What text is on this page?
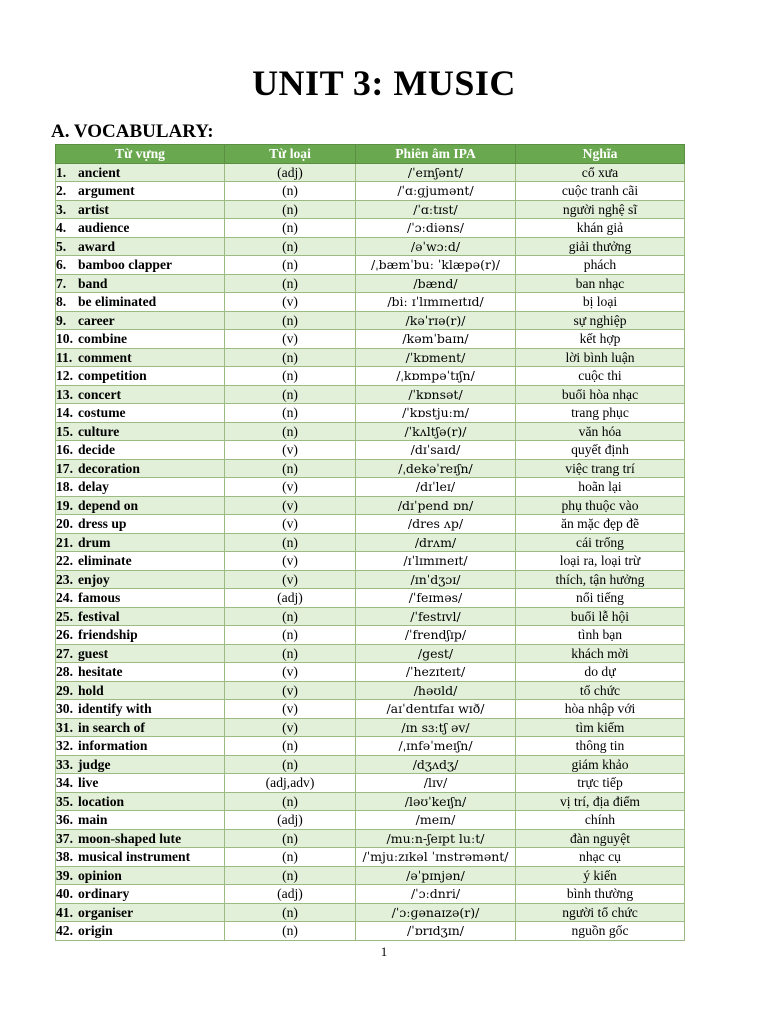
UNIT 3: MUSIC
A. VOCABULARY:
Từ vựng	Từ loại	Phiên âm IPA	Nghĩa
1. ancient	(adj)	/ˈeɪnʃənt/	cổ xưa
2. argument	(n)	/ˈɑːɡjumənt/	cuộc tranh cãi
3. artist	(n)	/ˈɑːtɪst/	người nghệ sĩ
4. audience	(n)	/ˈɔːdiəns/	khán giả
5. award	(n)	/əˈwɔːd/	giải thưởng
6. bamboo clapper	(n)	/ˌbæmˈbuː ˈklæpə(r)/	phách
7. band	(n)	/bænd/	ban nhạc
8. be eliminated	(v)	/biː ɪˈlɪmɪneɪtɪd/	bị loại
9. career	(n)	/kəˈrɪə(r)/	sự nghiệp
10. combine	(v)	/kəmˈbaɪn/	kết hợp
11. comment	(n)	/ˈkɒment/	lời bình luận
12. competition	(n)	/ˌkɒmpəˈtɪʃn/	cuộc thi
13. concert	(n)	/ˈkɒnsət/	buổi hòa nhạc
14. costume	(n)	/ˈkɒstjuːm/	trang phục
15. culture	(n)	/ˈkʌltʃə(r)/	văn hóa
16. decide	(v)	/dɪˈsaɪd/	quyết định
17. decoration	(n)	/ˌdekəˈreɪʃn/	việc trang trí
18. delay	(v)	/dɪˈleɪ/	hoãn lại
19. depend on	(v)	/dɪˈpend ɒn/	phụ thuộc vào
20. dress up	(v)	/dres ʌp/	ăn mặc đẹp đẽ
21. drum	(n)	/drʌm/	cái trống
22. eliminate	(v)	/ɪˈlɪmɪneɪt/	loại ra, loại trừ
23. enjoy	(v)	/ɪnˈdʒɔɪ/	thích, tận hưởng
24. famous	(adj)	/ˈfeɪməs/	nổi tiếng
25. festival	(n)	/ˈfestɪvl/	buổi lễ hội
26. friendship	(n)	/ˈfrendʃɪp/	tình bạn
27. guest	(n)	/gest/	khách mời
28. hesitate	(v)	/ˈhezɪteɪt/	do dự
29. hold	(v)	/həʊld/	tổ chức
30. identify with	(v)	/aɪˈdentɪfaɪ wɪð/	hòa nhập với
31. in search of	(v)	/ɪn sɜːtʃ əv/	tìm kiếm
32. information	(n)	/ˌɪnfəˈmeɪʃn/	thông tin
33. judge	(n)	/dʒʌdʒ/	giám khảo
34. live	(adj,adv)	/lɪv/	trực tiếp
35. location	(n)	/ləʊˈkeɪʃn/	vị trí, địa điểm
36. main	(adj)	/meɪn/	chính
37. moon-shaped lute	(n)	/muːn-ʃeɪpt luːt/	đàn nguyệt
38. musical instrument	(n)	/ˈmjuːzɪkəl ˈɪnstrəmənt/	nhạc cụ
39. opinion	(n)	/əˈpɪnjən/	ý kiến
40. ordinary	(adj)	/ˈɔːdnri/	bình thường
41. organiser	(n)	/ˈɔːɡənaɪzə(r)/	người tổ chức
42. origin	(n)	/ˈɒrɪdʒɪn/	nguồn gốc
1
